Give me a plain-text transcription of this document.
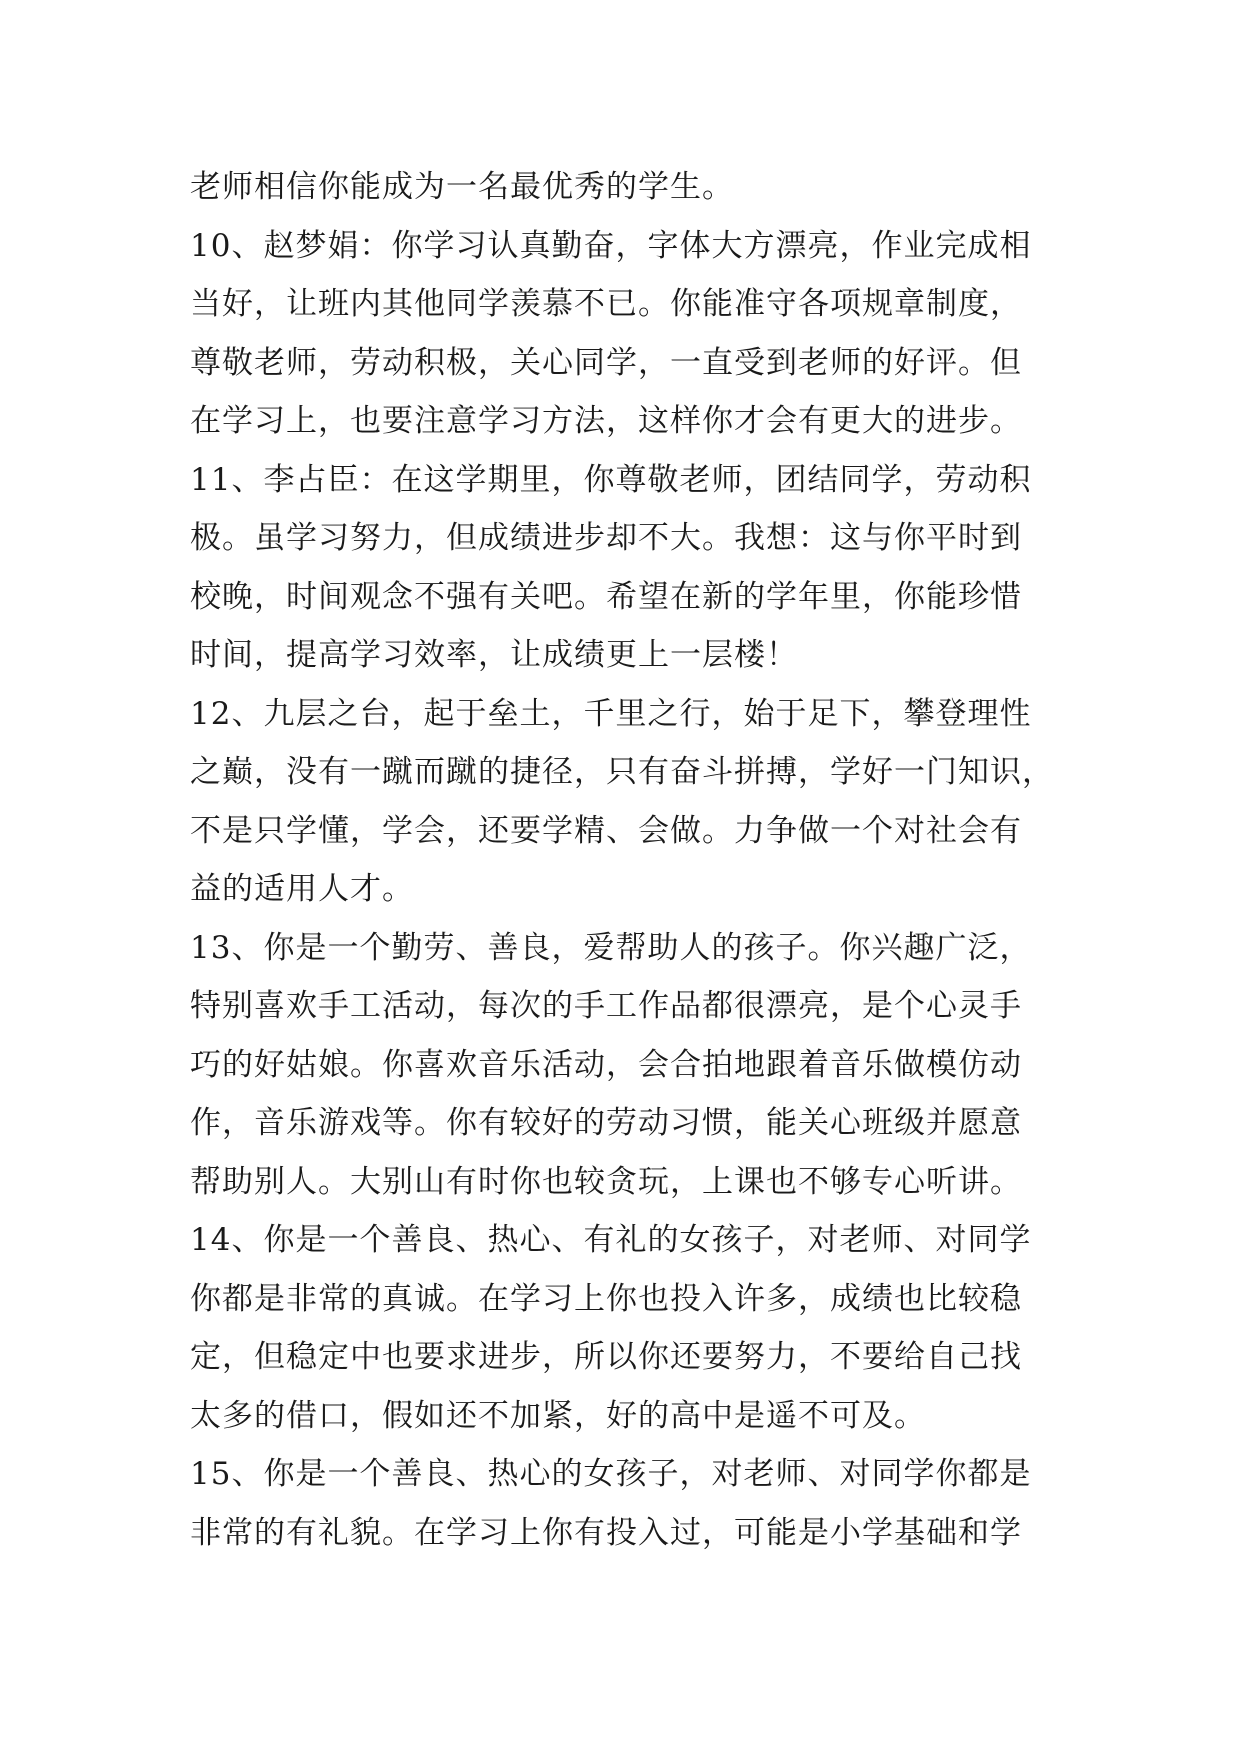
老师相信你能成为一名最优秀的学生。
10、赵梦娟：你学习认真勤奋，字体大方漂亮，作业完成相
当好，让班内其他同学羡慕不已。你能准守各项规章制度，
尊敬老师，劳动积极，关心同学，一直受到老师的好评。但
在学习上，也要注意学习方法，这样你才会有更大的进步。
11、李占臣：在这学期里，你尊敬老师，团结同学，劳动积
极。虽学习努力，但成绩进步却不大。我想：这与你平时到
校晚，时间观念不强有关吧。希望在新的学年里，你能珍惜
时间，提高学习效率，让成绩更上一层楼！
12、九层之台，起于垒土，千里之行，始于足下，攀登理性
之巅，没有一蹴而蹴的捷径，只有奋斗拼搏，学好一门知识，
不是只学懂，学会，还要学精、会做。力争做一个对社会有
益的适用人才。
13、你是一个勤劳、善良，爱帮助人的孩子。你兴趣广泛，
特别喜欢手工活动，每次的手工作品都很漂亮，是个心灵手
巧的好姑娘。你喜欢音乐活动，会合拍地跟着音乐做模仿动
作，音乐游戏等。你有较好的劳动习惯，能关心班级并愿意
帮助别人。大别山有时你也较贪玩，上课也不够专心听讲。
14、你是一个善良、热心、有礼的女孩子，对老师、对同学
你都是非常的真诚。在学习上你也投入许多，成绩也比较稳
定，但稳定中也要求进步，所以你还要努力，不要给自己找
太多的借口，假如还不加紧，好的高中是遥不可及。
15、你是一个善良、热心的女孩子，对老师、对同学你都是
非常的有礼貌。在学习上你有投入过，可能是小学基础和学
